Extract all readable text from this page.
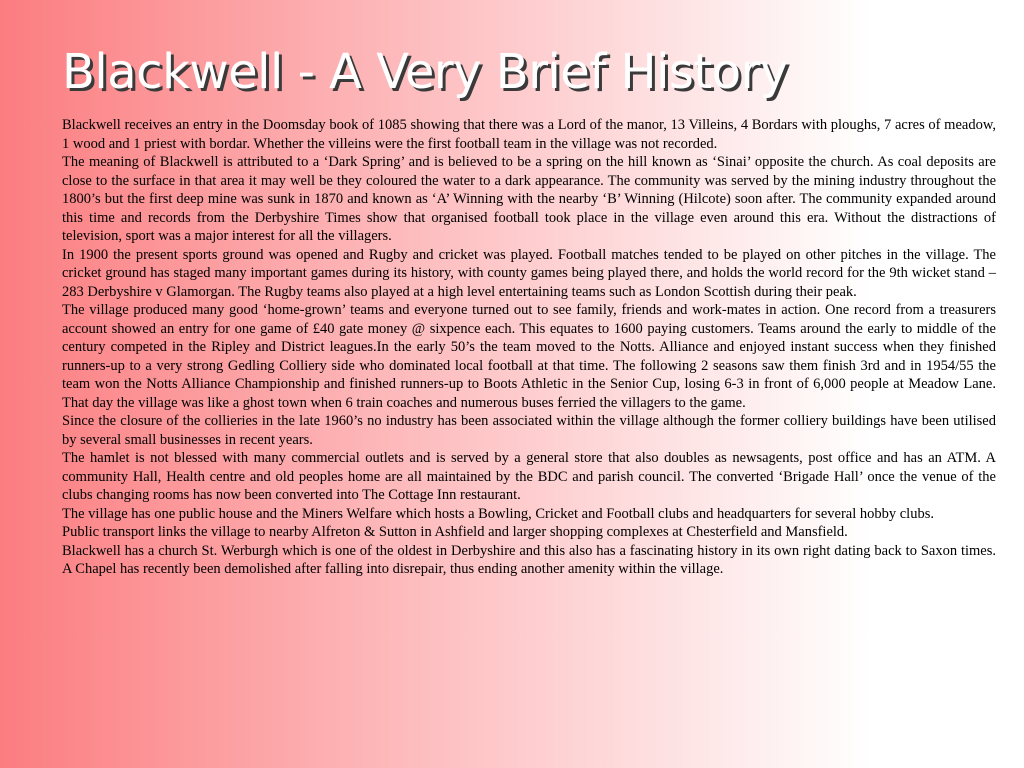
Blackwell - A Very Brief History

Blackwell receives an entry in the Doomsday book of 1085 showing that there was a Lord of the manor, 13 Villeins, 4 Bordars with ploughs, 7 acres of meadow, 1 wood and 1 priest with bordar. Whether the villeins were the first football team in the village was not recorded.

The meaning of Blackwell is attributed to a ‘Dark Spring’ and is believed to be a spring on the hill known as ‘Sinai’ opposite the church. As coal deposits are close to the surface in that area it may well be they coloured the water to a dark appearance. The community was served by the mining industry throughout the 1800’s but the first deep mine was sunk in 1870 and known as ‘A’ Winning with the nearby ‘B’ Winning (Hilcote) soon after. The community expanded around this time and records from the Derbyshire Times show that organised football took place in the village even around this era. Without the distractions of television, sport was a major interest for all the villagers.

In 1900 the present sports ground was opened and Rugby and cricket was played. Football matches tended to be played on other pitches in the village. The cricket ground has staged many important games during its history, with county games being played there, and holds the world record for the 9th wicket stand – 283 Derbyshire v Glamorgan. The Rugby teams also played at a high level entertaining teams such as London Scottish during their peak.

The village produced many good ‘home-grown’ teams and everyone turned out to see family, friends and work-mates in action. One record from a treasurers account showed an entry for one game of £40 gate money @ sixpence each. This equates to 1600 paying customers. Teams around the early to middle of the century competed in the Ripley and District leagues.In the early 50’s the team moved to the Notts. Alliance and enjoyed instant success when they finished runners-up to a very strong Gedling Colliery side who dominated local football at that time. The following 2 seasons saw them finish 3rd and in 1954/55 the team won the Notts Alliance Championship and finished runners-up to Boots Athletic in the Senior Cup, losing 6-3 in front of 6,000 people at Meadow Lane. That day the village was like a ghost town when 6 train coaches and numerous buses ferried the villagers to the game.

Since the closure of the collieries in the late 1960’s no industry has been associated within the village although the former colliery buildings have been utilised by several small businesses in recent years.

The hamlet is not blessed with many commercial outlets and is served by a general store that also doubles as newsagents, post office and has an ATM. A community Hall, Health centre and old peoples home are all maintained by the BDC and parish council. The converted ‘Brigade Hall’ once the venue of the clubs changing rooms has now been converted into The Cottage Inn restaurant.

The village has one public house and the Miners Welfare which hosts a Bowling, Cricket and Football clubs and headquarters for several hobby clubs.

Public transport links the village to nearby Alfreton & Sutton in Ashfield and larger shopping complexes at Chesterfield and Mansfield.

Blackwell has a church St. Werburgh which is one of the oldest in Derbyshire and this also has a fascinating history in its own right dating back to Saxon times. A Chapel has recently been demolished after falling into disrepair, thus ending another amenity within the village.
